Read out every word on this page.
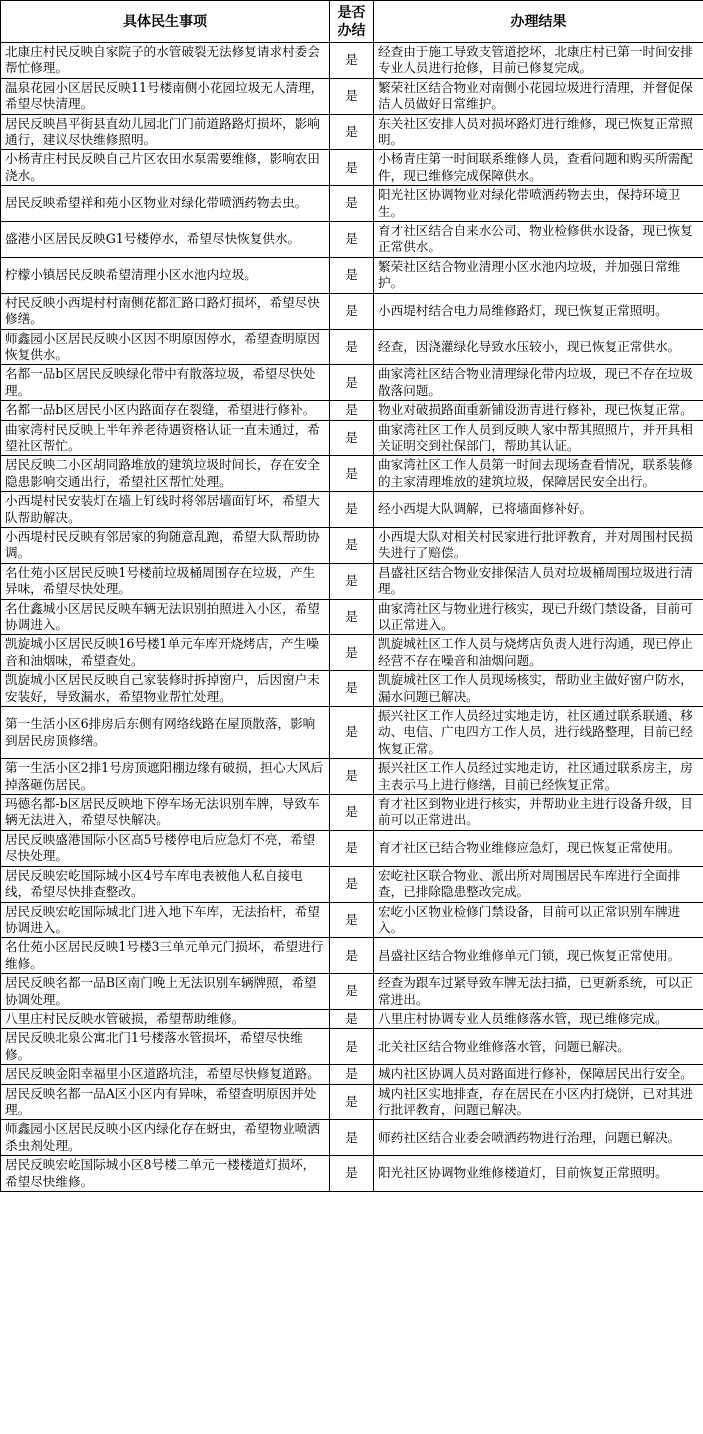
具体民生事项	是否办结	办理结果
北康庄村民反映自家院子的水管破裂无法修复请求村委会帮忙修理。	是	经查由于施工导致支管道挖坏，北康庄村已第一时间安排专业人员进行抢修，目前已修复完成。
温泉花园小区居民反映11号楼南侧小花园垃圾无人清理，希望尽快清理。	是	繁荣社区结合物业对南侧小花园垃圾进行清理，并督促保洁人员做好日常维护。
居民反映昌平街县直幼儿园北门门前道路路灯损坏，影响通行，建议尽快维修照明。	是	东关社区安排人员对损坏路灯进行维修，现已恢复正常照明。
小杨青庄村民反映自己片区农田水泵需要维修，影响农田浇水。	是	小杨青庄第一时间联系维修人员，查看问题和购买所需配件，现已维修完成保障供水。
居民反映希望祥和苑小区物业对绿化带喷洒药物去虫。	是	阳光社区协调物业对绿化带喷洒药物去虫，保持环境卫生。
盛港小区居民反映G1号楼停水，希望尽快恢复供水。	是	育才社区结合自来水公司、物业检修供水设备，现已恢复正常供水。
柠檬小镇居民反映希望清理小区水池内垃圾。	是	繁荣社区结合物业清理小区水池内垃圾，并加强日常维护。
村民反映小西堤村村南侧花都汇路口路灯损坏，希望尽快修缮。	是	小西堤村结合电力局维修路灯，现已恢复正常照明。
师鑫园小区居民反映小区因不明原因停水，希望查明原因恢复供水。	是	经查，因浇灌绿化导致水压较小，现已恢复正常供水。
名都一品b区居民反映绿化带中有散落垃圾，希望尽快处理。	是	曲家湾社区结合物业清理绿化带内垃圾，现已不存在垃圾散落问题。
名都一品b区居民小区内路面存在裂缝，希望进行修补。	是	物业对破损路面重新铺设沥青进行修补，现已恢复正常。
曲家湾村民反映上半年养老待遇资格认证一直未通过，希望社区帮忙。	是	曲家湾社区工作人员到反映人家中帮其照照片，并开具相关证明交到社保部门，帮助其认证。
居民反映二小区胡同路堆放的建筑垃圾时间长，存在安全隐患影响交通出行，希望社区帮忙处理。	是	曲家湾社区工作人员第一时间去现场查看情况，联系装修的主家清理堆放的建筑垃圾，保障居民安全出行。
小西堤村民安装灯在墙上钉线时将邻居墙面钉坏，希望大队帮助解决。	是	经小西堤大队调解，已将墙面修补好。
小西堤村民反映有邻居家的狗随意乱跑，希望大队帮助协调。	是	小西堤大队对相关村民家进行批评教育，并对周围村民损失进行了赔偿。
名仕苑小区居民反映1号楼前垃圾桶周围存在垃圾，产生异味，希望尽快处理。	是	昌盛社区结合物业安排保洁人员对垃圾桶周围垃圾进行清理。
名仕鑫城小区居民反映车辆无法识别拍照进入小区，希望协调进入。	是	曲家湾社区与物业进行核实，现已升级门禁设备，目前可以正常进入。
凯旋城小区居民反映16号楼1单元车库开烧烤店，产生噪音和油烟味，希望查处。	是	凯旋城社区工作人员与烧烤店负责人进行沟通，现已停止经营不存在噪音和油烟问题。
凯旋城小区居民反映自己家装修时拆掉窗户，后因窗户未安装好，导致漏水，希望物业帮忙处理。	是	凯旋城社区工作人员现场核实，帮助业主做好窗户防水，漏水问题已解决。
第一生活小区6排房后东侧有网络线路在屋顶散落，影响到居民房顶修缮。	是	振兴社区工作人员经过实地走访，社区通过联系联通、移动、电信、广电四方工作人员，进行线路整理，目前已经恢复正常。
第一生活小区2排1号房顶遮阳棚边缘有破损，担心大风后掉落砸伤居民。	是	振兴社区工作人员经过实地走访，社区通过联系房主，房主表示马上进行修缮，目前已经恢复正常。
玛德名都-b区居民反映地下停车场无法识别车牌，导致车辆无法进入，希望尽快解决。	是	育才社区到物业进行核实，并帮助业主进行设备升级，目前可以正常进出。
居民反映盛港国际小区高5号楼停电后应急灯不亮，希望尽快处理。	是	育才社区已结合物业维修应急灯，现已恢复正常使用。
居民反映宏屹国际城小区4号车库电表被他人私自接电线，希望尽快排查整改。	是	宏屹社区联合物业、派出所对周围居民车库进行全面排查，已排除隐患整改完成。
居民反映宏屹国际城北门进入地下车库，无法抬杆，希望协调进入。	是	宏屹小区物业检修门禁设备，目前可以正常识别车牌进入。
名仕苑小区居民反映1号楼3三单元单元门损坏，希望进行维修。	是	昌盛社区结合物业维修单元门锁，现已恢复正常使用。
居民反映名都一品B区南门晚上无法识别车辆牌照，希望协调处理。	是	经查为跟车过紧导致车牌无法扫描，已更新系统，可以正常进出。
八里庄村民反映水管破损，希望帮助维修。	是	八里庄村协调专业人员维修落水管，现已维修完成。
居民反映北泉公寓北门1号楼落水管损坏，希望尽快维修。	是	北关社区结合物业维修落水管，问题已解决。
居民反映金阳幸福里小区道路坑洼，希望尽快修复道路。	是	城内社区协调人员对路面进行修补，保障居民出行安全。
居民反映名都一品A区小区内有异味，希望查明原因并处理。	是	城内社区实地排查，存在居民在小区内打烧饼，已对其进行批评教育，问题已解决。
师鑫园小区居民反映小区内绿化存在蚜虫，希望物业喷洒杀虫剂处理。	是	师药社区结合业委会喷洒药物进行治理，问题已解决。
居民反映宏屹国际城小区8号楼二单元一楼楼道灯损坏，希望尽快维修。	是	阳光社区协调物业维修楼道灯，目前恢复正常照明。
